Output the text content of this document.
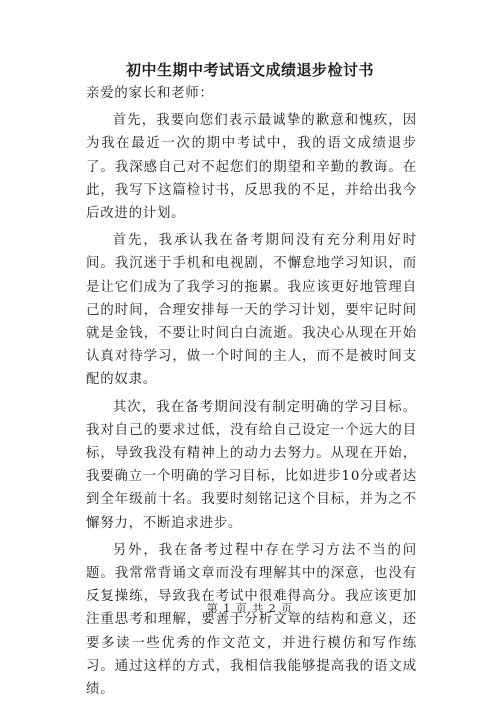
初中生期中考试语文成绩退步检讨书

亲爱的家长和老师：

首先，我要向您们表示最诚挚的歉意和愧疚，因为我在最近一次的期中考试中，我的语文成绩退步了。我深感自己对不起您们的期望和辛勤的教诲。在此，我写下这篇检讨书，反思我的不足，并给出我今后改进的计划。

首先，我承认我在备考期间没有充分利用好时间。我沉迷于手机和电视剧，不懈怠地学习知识，而是让它们成为了我学习的拖累。我应该更好地管理自己的时间，合理安排每一天的学习计划，要牢记时间就是金钱，不要让时间白白流逝。我决心从现在开始认真对待学习，做一个时间的主人，而不是被时间支配的奴隶。

其次，我在备考期间没有制定明确的学习目标。我对自己的要求过低，没有给自己设定一个远大的目标，导致我没有精神上的动力去努力。从现在开始，我要确立一个明确的学习目标，比如进步10分或者达到全年级前十名。我要时刻铭记这个目标，并为之不懈努力，不断追求进步。

另外，我在备考过程中存在学习方法不当的问题。我常常背诵文章而没有理解其中的深意，也没有反复操练，导致我在考试中很难得高分。我应该更加注重思考和理解，要善于分析文章的结构和意义，还要多读一些优秀的作文范文，并进行模仿和写作练习。通过这样的方式，我相信我能够提高我的语文成绩。

第 1 页 共 2 页
